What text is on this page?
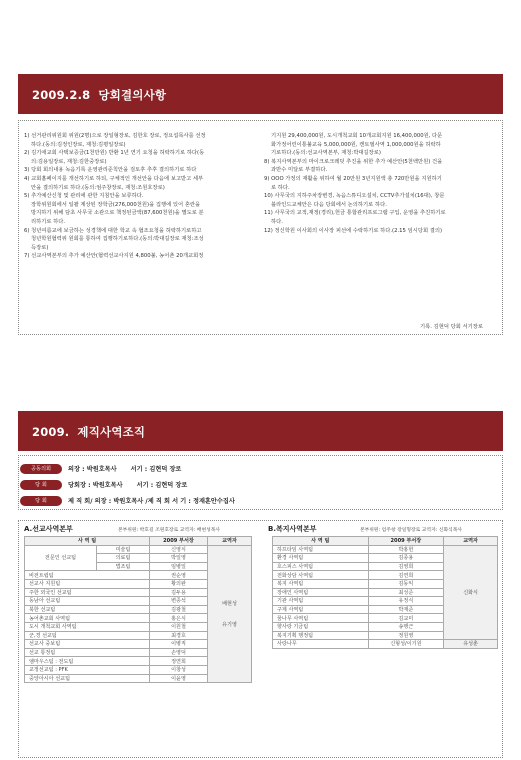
2009.2.8 당회결의사항

1) 선거관리위원회 위원(2명)으로 장일형장로, 김한호 장로, 정요섭목사를 선정

하다.(동의:김정인장로, 재청:김평일장로)

2) 김기애교회 사택보증금(1천만원) 반환 1년 연기 요청을 허락하기로 하다(동

의:김용일장로, 재청:김한중장로)

3) 당회 회의내용 녹음기록 운영관리준칙안을 검토후 추후 결의하기로 하다

4) 교회홈페이지를 개선하기로 하되, 구체적인 개선안을 다음에 보고받고 세부

안을 결의하기로 하다.(동의:엄주창장로, 재청:조원호장로)

5) 추가예산신청 및 관리에 관한 지침안을 보류하다.

장학위원회에서 일괄 계상된 장학금(276,000천원)을 집행에 있어 혼란을

방지하기 위해 담초 사무국 소관으로 책정된금액(87,600천원)을 별도로 분

리하기로 하다.

6) 청년여름교에 보금하는 성경책에 대한 학교 속 협조요청을 허락하기로하고

청년학원협력위 원회를 통하여 집행하기로하다.(동의:박대길장로 재청:조성

득장로)

7) 선교사역본부의 추가 예산안(협력선교사지원 4,800불, 농어촌 20개교회정

기지원 29,400,000원, 도시개척교회 10개교회지원 16,400,000원, 다문

화가정어린이통불교육 5,000,000원, 캔토필사역 1,000,000원을 허락하

기로하다.(동의:선교사역본부, 재청:박대길장로)

8) 복지사역본부의 마이크로크레딧 추진을 위한 추가 예산안(5천백만원) 건을

과반수 미달로 부결하다.

9) OOO 가정의 재활을 위하여 월 20만원 3년지원액 총 720만원을 지원하기

로 하다.

10) 사무국의 지하주차장변경, 녹음스튜디오설치, CCTV추가설치(16대), 창문

블라인드교체안은 다음 당회에서 논의하기로 하다.

11) 사무국의 교적,재정(경리),헌금 통합관리프로그램 구입, 운영을 추진하기로

하다.

12) 정신학원 이사회의 이사장 피선에 수락하기로 하다.(2.15 임시당회 결의)

기록. 김현덕 당회 서기장로
2009. 제직사역조직
공동의회	의장 : 박원호목사 서기 : 김현덕 장로
당 회	당회장 : 박원호목사 서기 : 김현덕 장로
당 회	제 직 회/ 의장 : 박원호목사 /제 직 회 서 기 : 정재훈안수집사
A.선교사역본부	본부위원: 박호길 조원호장로 교역자: 배현성목사
사 역 팀		2009 부서장	교역자
전문인 선교팀	미술팀	신영식	배현성
유기영

	의료팀	박일영	
	법조팀	임병일	
비전트립팀		권순영	
선교사 지원팀		황의완	
주한 외국인 선교팀		김두용	
동남아 선교팀		변종석	
북한 선교팀		김광철	
농어촌교회 사역팀		홍은식	
도시 개척교회 사역팀		이원철	
군,경 선교팀		최경호	
선교사 중보팀		이병직	
선교 통정팀		손영덕	
엠마우스팀 : 전도팀		정연희	
교정선교팀 : PFK		이창성	
중앙아시아 선교팀		이윤영	
B.복지사역본부	본부위원: 엄주창 장일형장로 교역자: 신화식목사
사 역 팀	2009 부서장	교역자
하프타임 사역팀	박홍헌	신화식
환경 사역팀	김종용	
호스피스 사역팀	김영희	
전화상담 사역팀	김연희	
복지 사역팀	김동익	
장애인 사역팀	최성준	
기관 사역팀	유정식	
구제 사역팀	박재준	
꿈나무 사역팀	김교미	
향사랑 기금팀	송행근	
복지기획 행정팀	정원영	
사랑나무	신형성/이기원	유성춘
